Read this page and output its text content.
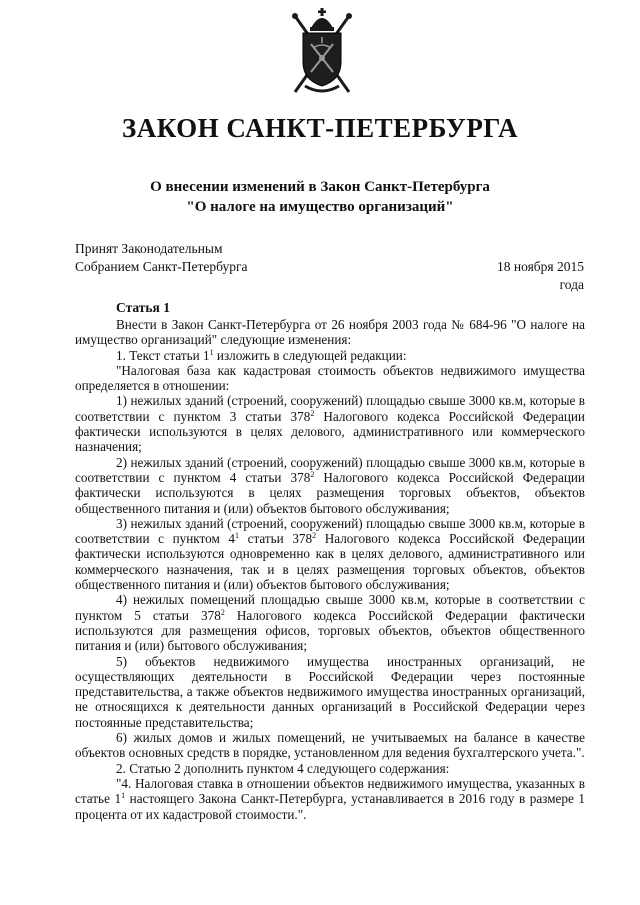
ЗАКОН САНКТ-ПЕТЕРБУРГА
О внесении изменений в Закон Санкт-Петербурга
"О налоге на имущество организаций"
Принят Законодательным
Собранием Санкт-Петербурга	18 ноября 2015 года
Статья 1

Внести в Закон Санкт-Петербурга от 26 ноября 2003 года № 684-96 "О налоге на имущество организаций" следующие изменения:

1. Текст статьи $1^1$ изложить в следующей редакции:

"Налоговая база как кадастровая стоимость объектов недвижимого имущества определяется в отношении:

1) нежилых зданий (строений, сооружений) площадью свыше 3000 кв.м, которые в соответствии с пунктом 3 статьи $378^2$ Налогового кодекса Российской Федерации фактически используются в целях делового, административного или коммерческого назначения;

2) нежилых зданий (строений, сооружений) площадью свыше 3000 кв.м, которые в соответствии с пунктом 4 статьи $378^2$ Налогового кодекса Российской Федерации фактически используются в целях размещения торговых объектов, объектов общественного питания и (или) объектов бытового обслуживания;

3) нежилых зданий (строений, сооружений) площадью свыше 3000 кв.м, которые в соответствии с пунктом $4^1$ статьи $378^2$ Налогового кодекса Российской Федерации фактически используются одновременно как в целях делового, административного или коммерческого назначения, так и в целях размещения торговых объектов, объектов общественного питания и (или) объектов бытового обслуживания;

4) нежилых помещений площадью свыше 3000 кв.м, которые в соответствии с пунктом 5 статьи $378^2$ Налогового кодекса Российской Федерации фактически используются для размещения офисов, торговых объектов, объектов общественного питания и (или) бытового обслуживания;

5) объектов недвижимого имущества иностранных организаций, не осуществляющих деятельности в Российской Федерации через постоянные представительства, а также объектов недвижимого имущества иностранных организаций, не относящихся к деятельности данных организаций в Российской Федерации через постоянные представительства;

6) жилых домов и жилых помещений, не учитываемых на балансе в качестве объектов основных средств в порядке, установленном для ведения бухгалтерского учета.".

2. Статью 2 дополнить пунктом 4 следующего содержания:

"4. Налоговая ставка в отношении объектов недвижимого имущества, указанных в статье $1^1$ настоящего Закона Санкт-Петербурга, устанавливается в 2016 году в размере 1 процента от их кадастровой стоимости.".
